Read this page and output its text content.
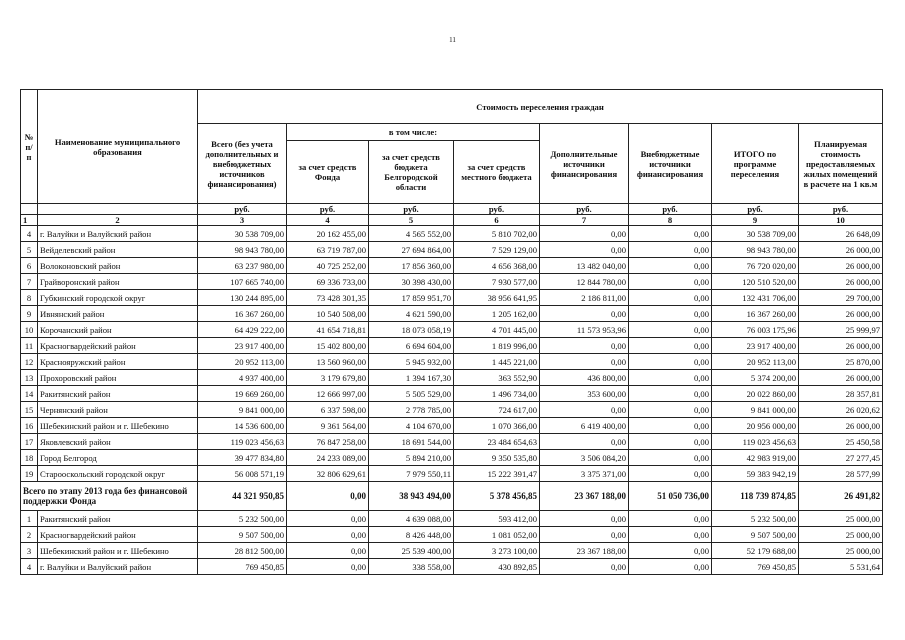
11
№ п/п	Наименование муниципального образования	Стоимость переселения граждан							
		Всего (без учета дополнительных и внебюджетных источников финансирования)	в том числе:			Дополнительные источники финансирования	Внебюджетные источники финансирования	ИТОГО по программе переселения	Планируемая стоимость предоставляемых жилых помещений в расчете на 1 кв.м
			за счет средств Фонда	за счет средств бюджета Белгородской области	за счет средств местного бюджета				
		руб.	руб.	руб.	руб.	руб.	руб.	руб.	руб.
1	2	3	4	5	6	7	8	9	10
4	г. Валуйки и Валуйский район	30 538 709,00	20 162 455,00	4 565 552,00	5 810 702,00	0,00	0,00	30 538 709,00	26 648,09
5	Вейделевский район	98 943 780,00	63 719 787,00	27 694 864,00	7 529 129,00	0,00	0,00	98 943 780,00	26 000,00
6	Волоконовский район	63 237 980,00	40 725 252,00	17 856 360,00	4 656 368,00	13 482 040,00	0,00	76 720 020,00	26 000,00
7	Грайворонский район	107 665 740,00	69 336 733,00	30 398 430,00	7 930 577,00	12 844 780,00	0,00	120 510 520,00	26 000,00
8	Губкинский городской округ	130 244 895,00	73 428 301,35	17 859 951,70	38 956 641,95	2 186 811,00	0,00	132 431 706,00	29 700,00
9	Ивнянский район	16 367 260,00	10 540 508,00	4 621 590,00	1 205 162,00	0,00	0,00	16 367 260,00	26 000,00
10	Корочанский район	64 429 222,00	41 654 718,81	18 073 058,19	4 701 445,00	11 573 953,96	0,00	76 003 175,96	25 999,97
11	Красногвардейский район	23 917 400,00	15 402 800,00	6 694 604,00	1 819 996,00	0,00	0,00	23 917 400,00	26 000,00
12	Краснояружский район	20 952 113,00	13 560 960,00	5 945 932,00	1 445 221,00	0,00	0,00	20 952 113,00	25 870,00
13	Прохоровский район	4 937 400,00	3 179 679,80	1 394 167,30	363 552,90	436 800,00	0,00	5 374 200,00	26 000,00
14	Ракитянский район	19 669 260,00	12 666 997,00	5 505 529,00	1 496 734,00	353 600,00	0,00	20 022 860,00	28 357,81
15	Чернянский район	9 841 000,00	6 337 598,00	2 778 785,00	724 617,00	0,00	0,00	9 841 000,00	26 020,62
16	Шебекинский район и г. Шебекино	14 536 600,00	9 361 564,00	4 104 670,00	1 070 366,00	6 419 400,00	0,00	20 956 000,00	26 000,00
17	Яковлевский район	119 023 456,63	76 847 258,00	18 691 544,00	23 484 654,63	0,00	0,00	119 023 456,63	25 450,58
18	Город Белгород	39 477 834,80	24 233 089,00	5 894 210,00	9 350 535,80	3 506 084,20	0,00	42 983 919,00	27 277,45
19	Старооскольский городской округ	56 008 571,19	32 806 629,61	7 979 550,11	15 222 391,47	3 375 371,00	0,00	59 383 942,19	28 577,99
Всего по этапу 2013 года без финансовой поддержки Фонда		44 321 950,85	0,00	38 943 494,00	5 378 456,85	23 367 188,00	51 050 736,00	118 739 874,85	26 491,82
1	Ракитянский район	5 232 500,00	0,00	4 639 088,00	593 412,00	0,00	0,00	5 232 500,00	25 000,00
2	Красногвардейский район	9 507 500,00	0,00	8 426 448,00	1 081 052,00	0,00	0,00	9 507 500,00	25 000,00
3	Шебекинский район и г. Шебекино	28 812 500,00	0,00	25 539 400,00	3 273 100,00	23 367 188,00	0,00	52 179 688,00	25 000,00
4	г. Валуйки и Валуйский район	769 450,85	0,00	338 558,00	430 892,85	0,00	0,00	769 450,85	5 531,64
